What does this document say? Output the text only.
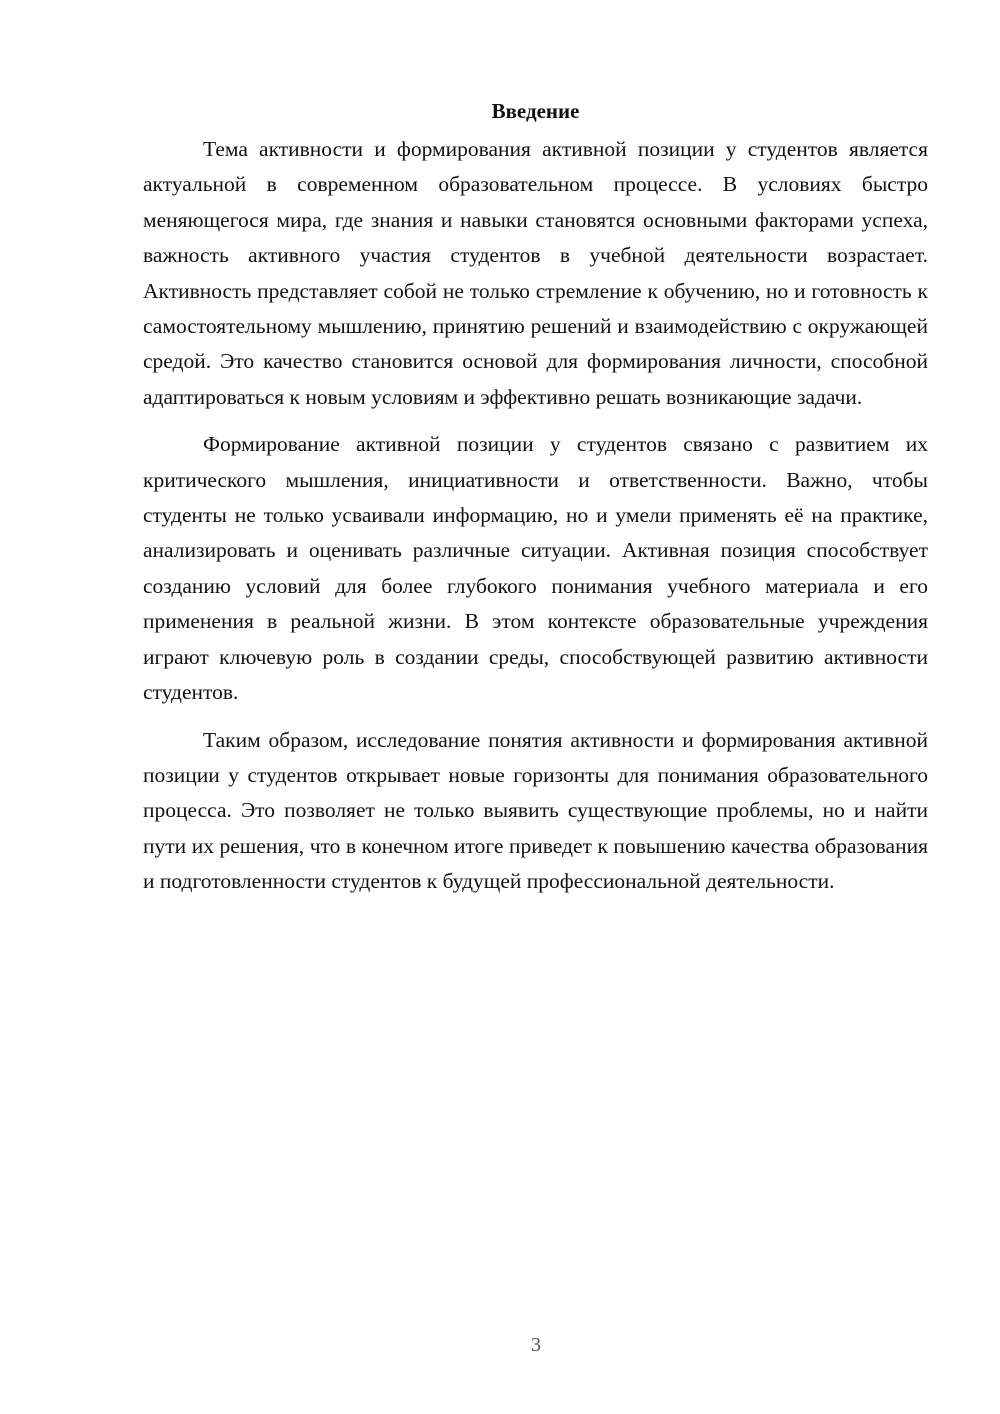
Введение

Тема активности и формирования активной позиции у студентов является актуальной в современном образовательном процессе. В условиях быстро меняющегося мира, где знания и навыки становятся основными факторами успеха, важность активного участия студентов в учебной деятельности возрастает. Активность представляет собой не только стремление к обучению, но и готовность к самостоятельному мышлению, принятию решений и взаимодействию с окружающей средой. Это качество становится основой для формирования личности, способной адаптироваться к новым условиям и эффективно решать возникающие задачи.

Формирование активной позиции у студентов связано с развитием их критического мышления, инициативности и ответственности. Важно, чтобы студенты не только усваивали информацию, но и умели применять её на практике, анализировать и оценивать различные ситуации. Активная позиция способствует созданию условий для более глубокого понимания учебного материала и его применения в реальной жизни. В этом контексте образовательные учреждения играют ключевую роль в создании среды, способствующей развитию активности студентов.

Таким образом, исследование понятия активности и формирования активной позиции у студентов открывает новые горизонты для понимания образовательного процесса. Это позволяет не только выявить существующие проблемы, но и найти пути их решения, что в конечном итоге приведет к повышению качества образования и подготовленности студентов к будущей профессиональной деятельности.

3
